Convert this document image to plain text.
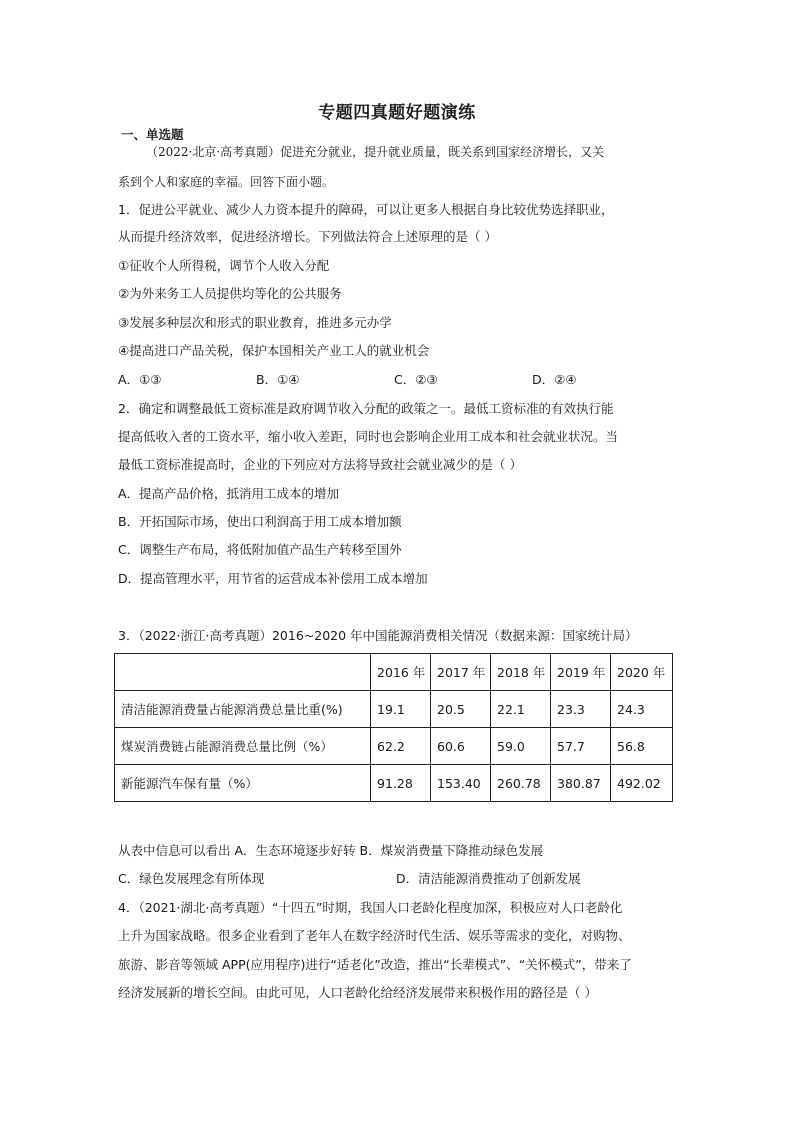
专题四真题好题演练
一、单选题
（2022·北京·高考真题）促进充分就业，提升就业质量，既关系到国家经济增长，又关
系到个人和家庭的幸福。回答下面小题。
1．促进公平就业、减少人力资本提升的障碍，可以让更多人根据自身比较优势选择职业，
从而提升经济效率，促进经济增长。下列做法符合上述原理的是（ ）
①征收个人所得税，调节个人收入分配
②为外来务工人员提供均等化的公共服务
③发展多种层次和形式的职业教育，推进多元办学
④提高进口产品关税，保护本国相关产业工人的就业机会
A．①③	B．①④	C．②③	D．②④
2．确定和调整最低工资标准是政府调节收入分配的政策之一。最低工资标准的有效执行能
提高低收入者的工资水平，缩小收入差距，同时也会影响企业用工成本和社会就业状况。当
最低工资标准提高时，企业的下列应对方法将导致社会就业减少的是（ ）
A．提高产品价格，抵消用工成本的增加
B．开拓国际市场，使出口利润高于用工成本增加额
C．调整生产布局，将低附加值产品生产转移至国外
D．提高管理水平，用节省的运营成本补偿用工成本增加
3．（2022·浙江·高考真题）2016~2020 年中国能源消费相关情况（数据来源：国家统计局）
	2016 年	2017 年	2018 年	2019 年	2020 年
清洁能源消费量占能源消费总量比重(%)	19.1	20.5	22.1	23.3	24.3
煤炭消费链占能源消费总量比例（%）	62.2	60.6	59.0	57.7	56.8
新能源汽车保有量（%）	91.28	153.40	260.78	380.87	492.02
从表中信息可以看出 A．生态环境逐步好转 B．煤炭消费量下降推动绿色发展
C．绿色发展理念有所体现	D．清洁能源消费推动了创新发展
4．（2021·湖北·高考真题）“十四五”时期，我国人口老龄化程度加深，积极应对人口老龄化
上升为国家战略。很多企业看到了老年人在数字经济时代生活、娱乐等需求的变化，对购物、
旅游、影音等领域 APP(应用程序)进行“适老化”改造，推出“长辈模式”、“关怀模式”，带来了
经济发展新的增长空间。由此可见，人口老龄化给经济发展带来积极作用的路径是（ ）
